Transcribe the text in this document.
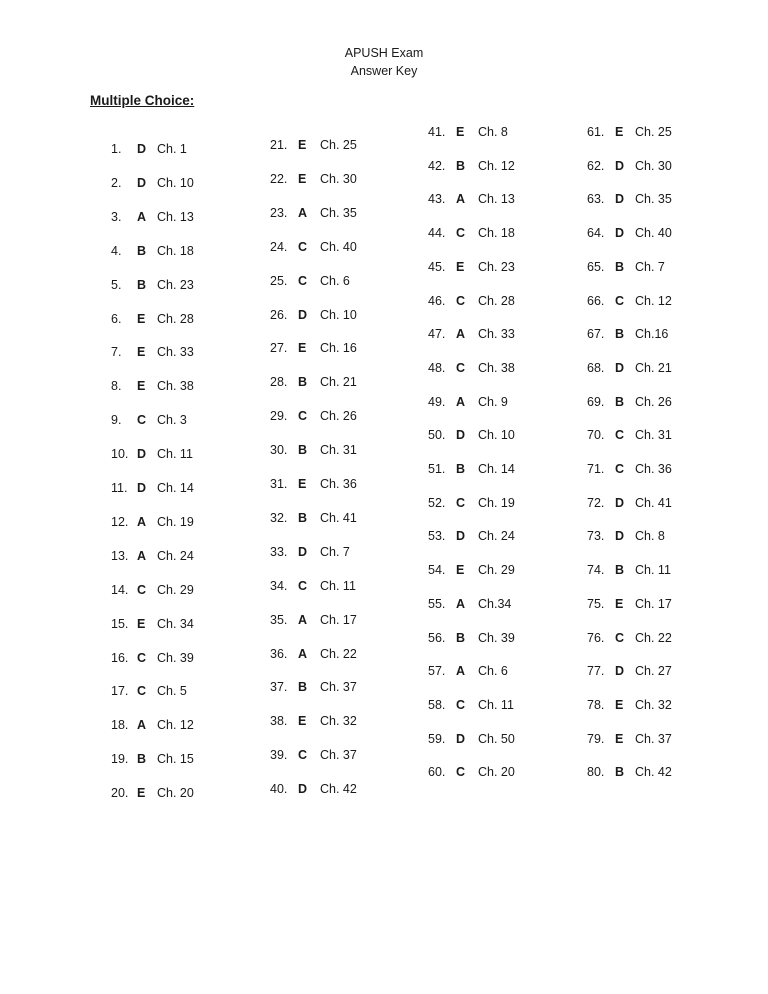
APUSH Exam
Answer Key
Multiple Choice:
1. D Ch. 1
2. D Ch. 10
3. A Ch. 13
4. B Ch. 18
5. B Ch. 23
6. E Ch. 28
7. E Ch. 33
8. E Ch. 38
9. C Ch. 3
10. D Ch. 11
11. D Ch. 14
12. A Ch. 19
13. A Ch. 24
14. C Ch. 29
15. E Ch. 34
16. C Ch. 39
17. C Ch. 5
18. A Ch. 12
19. B Ch. 15
20. E Ch. 20
21. E Ch. 25
22. E Ch. 30
23. A Ch. 35
24. C Ch. 40
25. C Ch. 6
26. D Ch. 10
27. E Ch. 16
28. B Ch. 21
29. C Ch. 26
30. B Ch. 31
31. E Ch. 36
32. B Ch. 41
33. D Ch. 7
34. C Ch. 11
35. A Ch. 17
36. A Ch. 22
37. B Ch. 37
38. E Ch. 32
39. C Ch. 37
40. D Ch. 42
41. E Ch. 8
42. B Ch. 12
43. A Ch. 13
44. C Ch. 18
45. E Ch. 23
46. C Ch. 28
47. A Ch. 33
48. C Ch. 38
49. A Ch. 9
50. D Ch. 10
51. B Ch. 14
52. C Ch. 19
53. D Ch. 24
54. E Ch. 29
55. A Ch.34
56. B Ch. 39
57. A Ch. 6
58. C Ch. 11
59. D Ch. 50
60. C Ch. 20
61. E Ch. 25
62. D Ch. 30
63. D Ch. 35
64. D Ch. 40
65. B Ch. 7
66. C Ch. 12
67. B Ch.16
68. D Ch. 21
69. B Ch. 26
70. C Ch. 31
71. C Ch. 36
72. D Ch. 41
73. D Ch. 8
74. B Ch. 11
75. E Ch. 17
76. C Ch. 22
77. D Ch. 27
78. E Ch. 32
79. E Ch. 37
80. B Ch. 42
